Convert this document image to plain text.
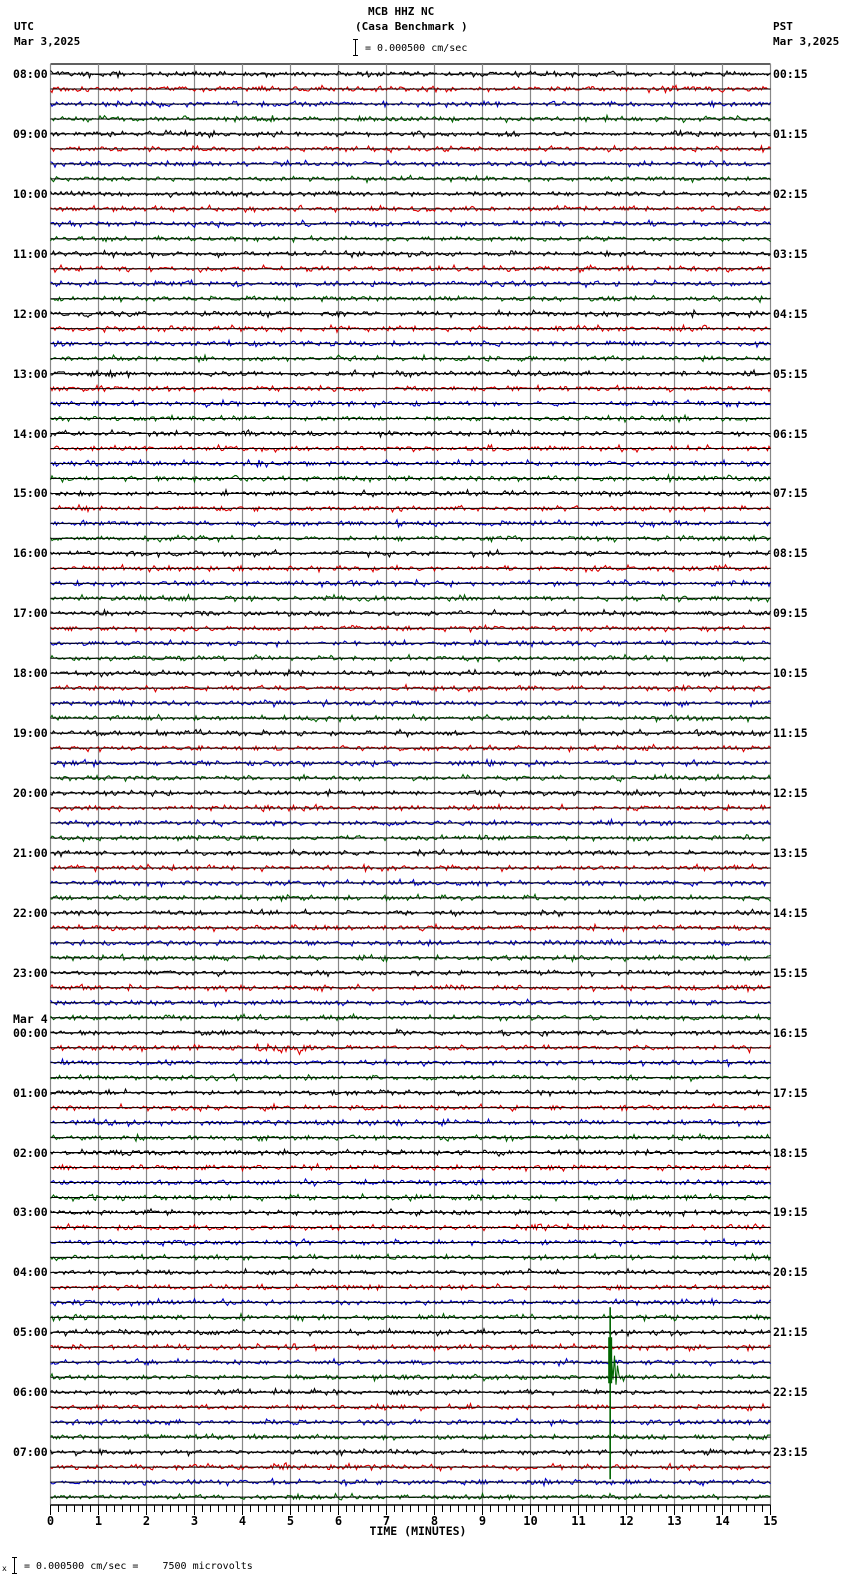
MCB HHZ NC
(Casa Benchmark )
= 0.000500 cm/sec
UTC
Mar 3,2025
PST
Mar 3,2025
08:00
09:00
10:00
11:00
12:00
13:00
14:00
15:00
16:00
17:00
18:00
19:00
20:00
21:00
22:00
23:00
00:00
01:00
02:00
03:00
04:00
05:00
06:00
07:00
00:15
01:15
02:15
03:15
04:15
05:15
06:15
07:15
08:15
09:15
10:15
11:15
12:15
13:15
14:15
15:15
16:15
17:15
18:15
19:15
20:15
21:15
22:15
23:15
Mar 4
0	1	2	3	4	5	6	7	8	9	10	11	12	13	14	15
TIME (MINUTES)
x = 0.000500 cm/sec =    7500 microvolts
